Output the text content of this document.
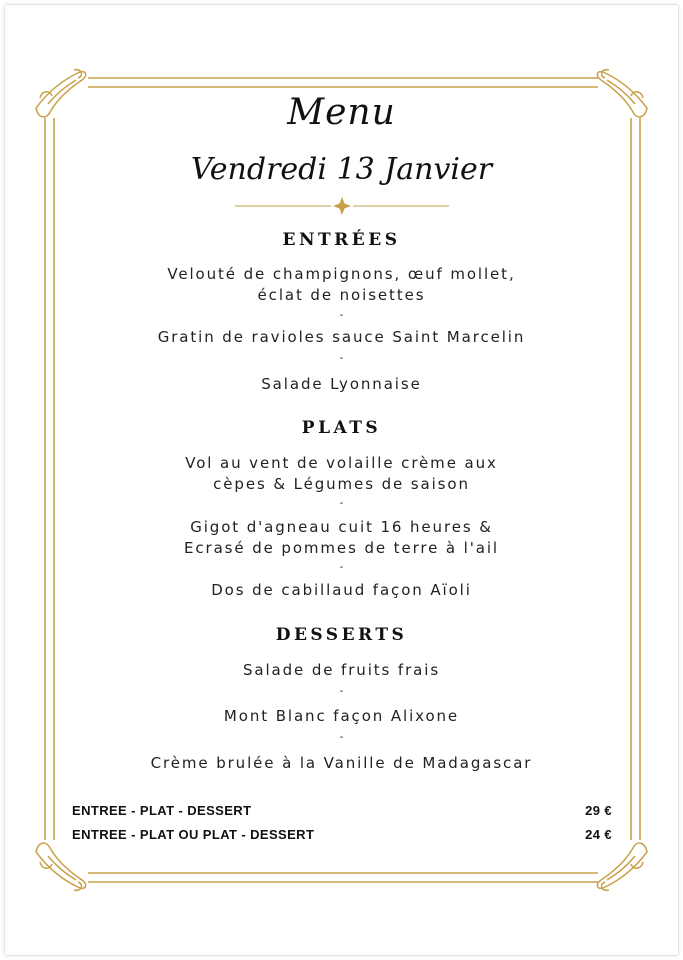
Menu
Vendredi 13 Janvier
ENTRÉES
Velouté de champignons, œuf mollet,
éclat de noisettes
-
Gratin de ravioles sauce Saint Marcelin
-
Salade Lyonnaise
PLATS
Vol au vent de volaille crème aux
cèpes & Légumes de saison
-
Gigot d'agneau cuit 16 heures &
Ecrasé de pommes de terre à l'ail
-
Dos de cabillaud façon Aïoli
DESSERTS
Salade de fruits frais
-
Mont Blanc façon Alixone
-
Crème brulée à la Vanille de Madagascar
ENTREE - PLAT - DESSERT	29 €
ENTREE - PLAT OU PLAT - DESSERT	24 €
